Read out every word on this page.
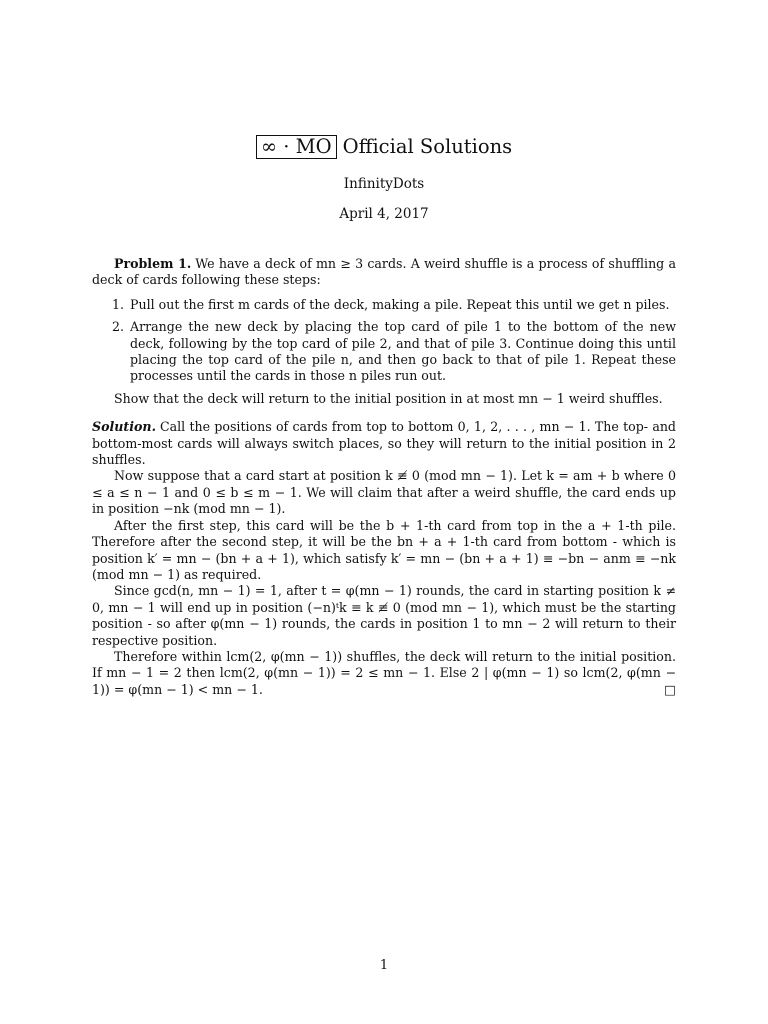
∞ · MO Official Solutions
InfinityDots
April 4, 2017

Problem 1. We have a deck of mn ≥ 3 cards. A weird shuffle is a process of shuffling a deck of cards following these steps:

1. Pull out the first m cards of the deck, making a pile. Repeat this until we get n piles.
2. Arrange the new deck by placing the top card of pile 1 to the bottom of the new deck, following by the top card of pile 2, and that of pile 3. Continue doing this until placing the top card of the pile n, and then go back to that of pile 1. Repeat these processes until the cards in those n piles run out.

Show that the deck will return to the initial position in at most mn − 1 weird shuffles.

Solution. Call the positions of cards from top to bottom 0, 1, 2, . . . , mn − 1. The top- and bottom-most cards will always switch places, so they will return to the initial position in 2 shuffles.

Now suppose that a card start at position k ≢ 0 (mod mn − 1). Let k = am + b where 0 ≤ a ≤ n − 1 and 0 ≤ b ≤ m − 1. We will claim that after a weird shuffle, the card ends up in position −nk (mod mn − 1).

After the first step, this card will be the b + 1-th card from top in the a + 1-th pile. Therefore after the second step, it will be the bn + a + 1-th card from bottom - which is position k′ = mn − (bn + a + 1), which satisfy k′ = mn − (bn + a + 1) ≡ −bn − anm ≡ −nk (mod mn − 1) as required.

Since gcd(n, mn − 1) = 1, after t = φ(mn − 1) rounds, the card in starting position k ≠ 0, mn − 1 will end up in position (−n)ᵗk ≡ k ≢ 0 (mod mn − 1), which must be the starting position - so after φ(mn − 1) rounds, the cards in position 1 to mn − 2 will return to their respective position.

Therefore within lcm(2, φ(mn − 1)) shuffles, the deck will return to the initial position. If mn − 1 = 2 then lcm(2, φ(mn − 1)) = 2 ≤ mn − 1. Else 2 | φ(mn − 1) so lcm(2, φ(mn − 1)) = φ(mn − 1) < mn − 1.	□

1
